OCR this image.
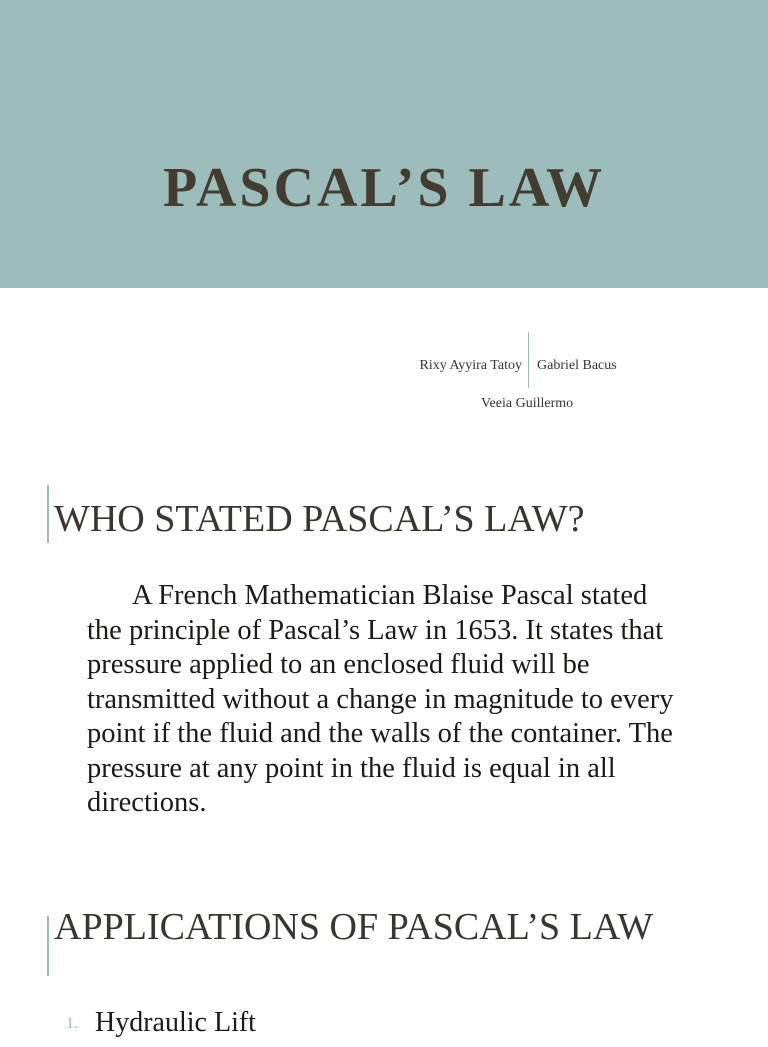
PASCAL’S LAW
Rixy Ayyira Tatoy Gabriel Bacus
Veeia Guillermo
WHO STATED PASCAL’S LAW?

A French Mathematician Blaise Pascal stated the principle of Pascal’s Law in 1653. It states that pressure applied to an enclosed fluid will be transmitted without a change in magnitude to every point if the fluid and the walls of the container. The pressure at any point in the fluid is equal in all directions.

APPLICATIONS OF PASCAL’S LAW
1. Hydraulic Lift
